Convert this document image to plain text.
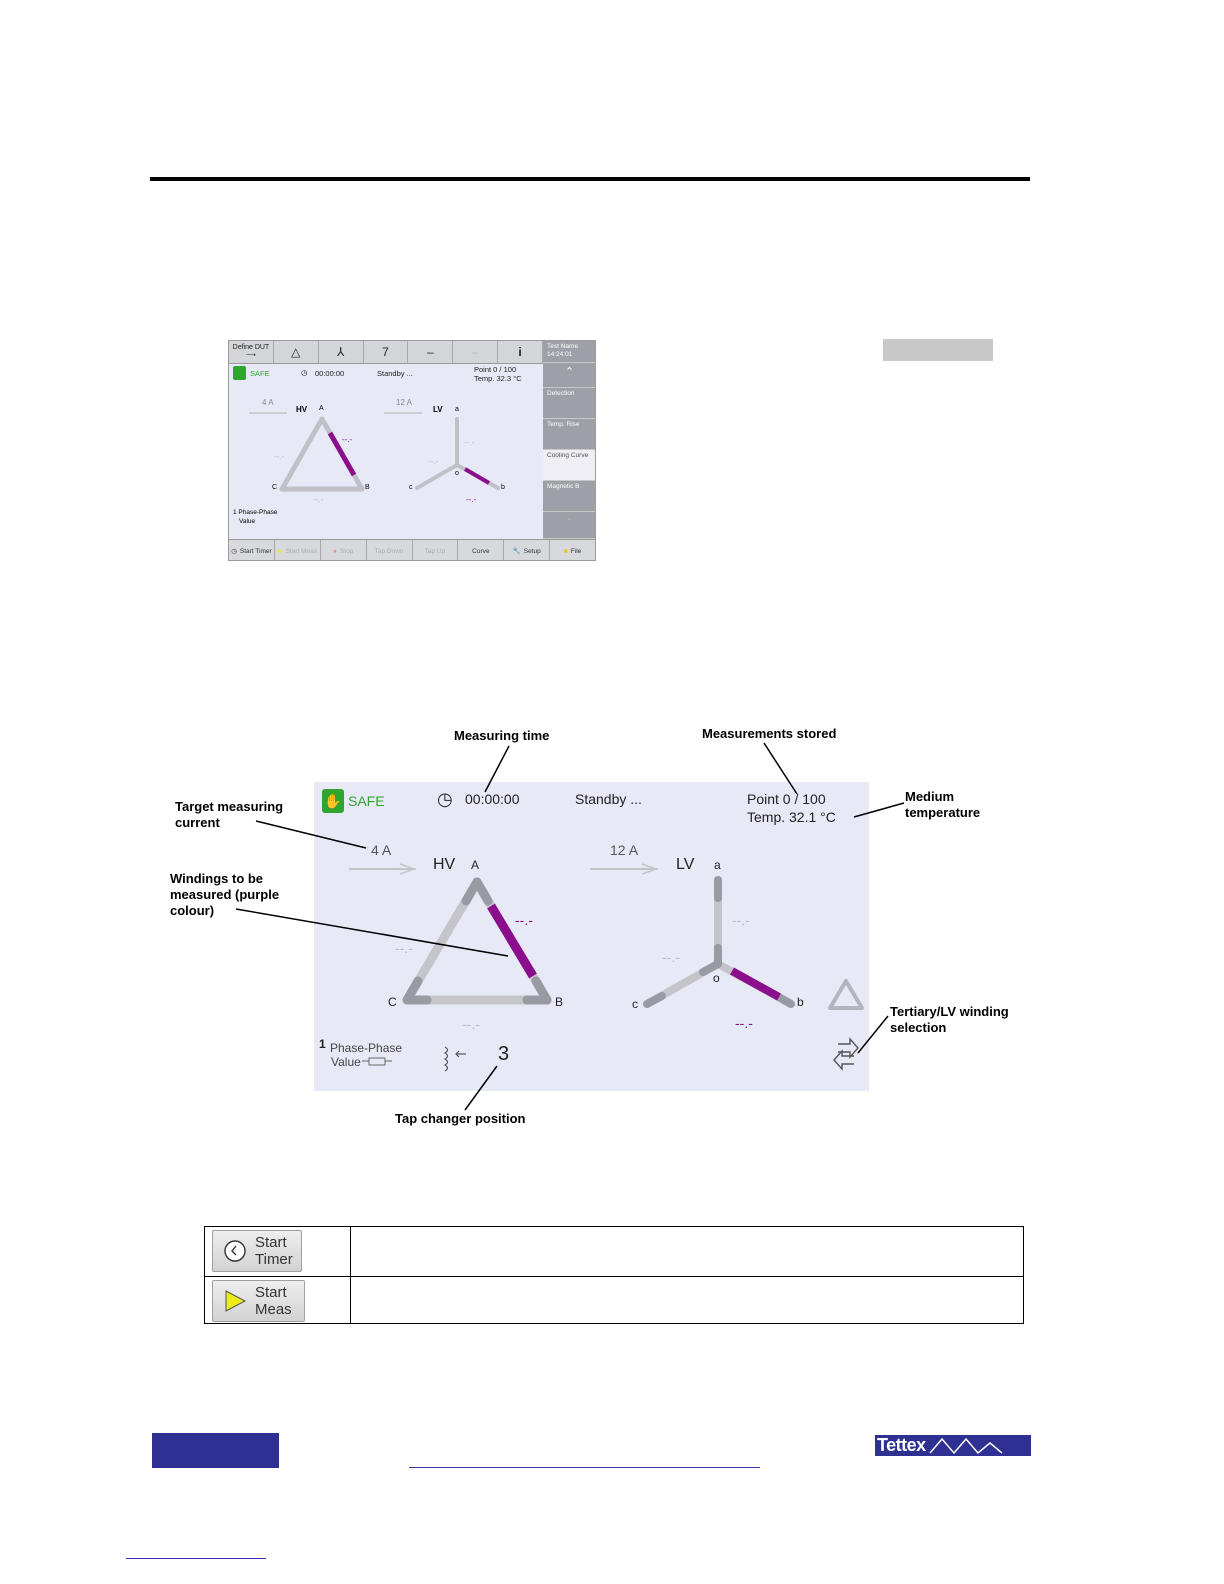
Define DUT
⟶	△	⅄	7	–	–	i	Test Name
14:24:01
⌃
Detection
Temp. Rise
Cooling Curve
Magnetic B
⌄
SAFE	◷ 00:00:00	Standby ...	Point 0 / 100
Temp. 32.3 °C
4 A
HV
12 A
LV
A
B
C
a
b
c
o
--.-
--.-
--.-
--.-
--.-
--.-
1 Phase-Phase
Value
◷ Start Timer ▶ Start Meas ● Stop	Tap Down	Tap Up	Curve	🔧 Setup	■ File
✋ SAFE	◷ 00:00:00	Standby ...	Point 0 / 100
Temp. 32.1 °C
4 A
HV
12 A
LV
A
B
C
a
b
c
o
--.-
--.-
--.-
--.-
--.-
--.-
1 Phase-Phase
Value	3
Measuring time	Measurements stored
Medium
temperature
Target measuring
current
Windings to be
measured (purple
colour)
Tertiary/LV winding
selection
Tap changer position
Start
Timer
Start
Meas
Tettex
